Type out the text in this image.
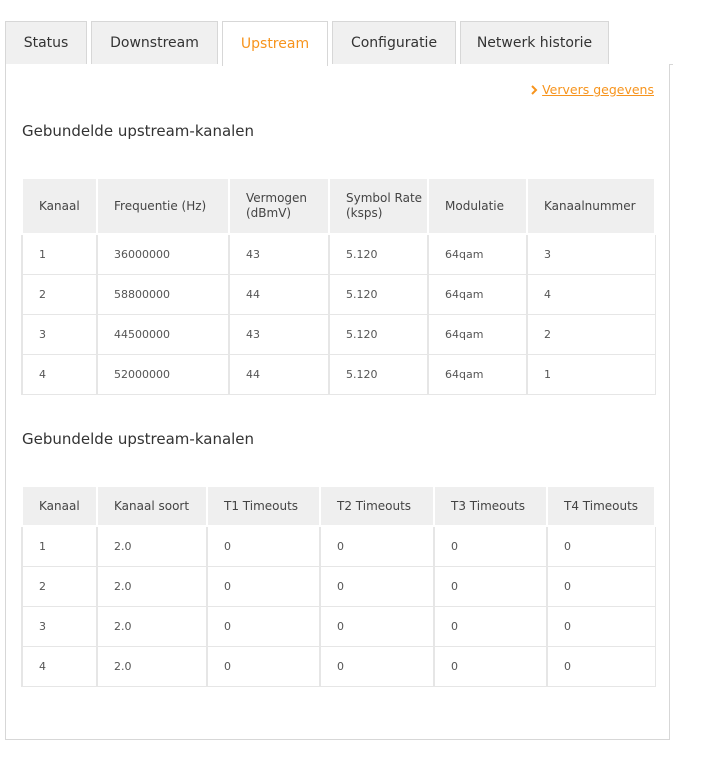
Status	Downstream	Upstream	Configuratie	Netwerk historie
Ververs gegevens
Gebundelde upstream-kanalen
Kanaal	Frequentie (Hz)	Vermogen (dBmV)	Symbol Rate (ksps)	Modulatie	Kanaalnummer
1	36000000	43	5.120	64qam	3
2	58800000	44	5.120	64qam	4
3	44500000	43	5.120	64qam	2
4	52000000	44	5.120	64qam	1
Gebundelde upstream-kanalen
Kanaal	Kanaal soort	T1 Timeouts	T2 Timeouts	T3 Timeouts	T4 Timeouts
1	2.0	0	0	0	0
2	2.0	0	0	0	0
3	2.0	0	0	0	0
4	2.0	0	0	0	0
